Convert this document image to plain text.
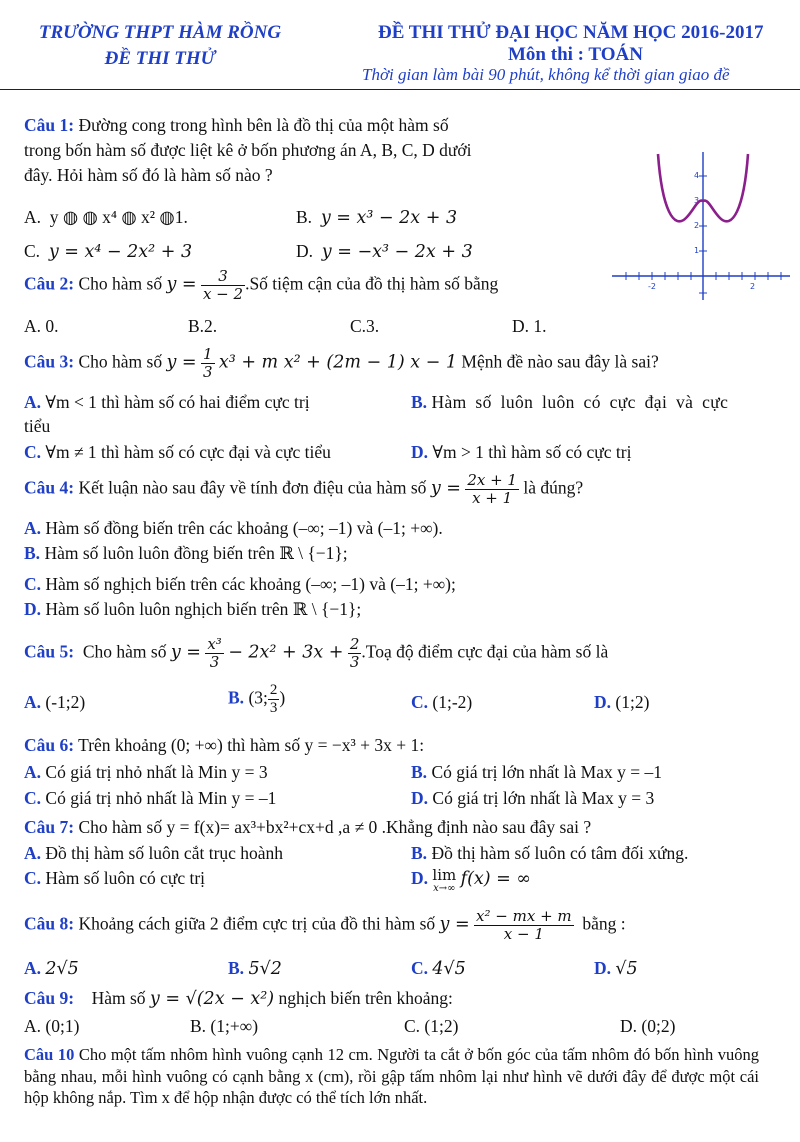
TRƯỜNG THPT HÀM RỒNG
ĐỀ THI THỬ
ĐỀ THI THỬ ĐẠI HỌC NĂM HỌC 2016-2017
Môn thi : TOÁN
Thời gian làm bài 90 phút, không kể thời gian giao đề
-2	2
4
3
2
1
Câu 1: Đường cong trong hình bên là đồ thị của một hàm số
trong bốn hàm số được liệt kê ở bốn phương án A, B, C, D dưới
đây. Hỏi hàm số đó là hàm số nào ?
A. y ◍ ◍ x⁴ ◍ x² ◍1.	B. y = x³ − 2x + 3
C. y = x⁴ − 2x² + 3	D. y = −x³ − 2x + 3
Câu 2: Cho hàm số $y = \frac{3}{x - 2}$ .Số tiệm cận của đồ thị hàm số bằng
A. 0.	B.2.	C.3.	D. 1.
Câu 3: Cho hàm số $y = \frac{1}{3} x^3 + m$ x² + (2m − 1) x − 1 Mệnh đề nào sau đây là sai?
A. ∀m < 1 thì hàm số có hai điểm cực trị	B. Hàm số luôn luôn có cực đại và cực
tiểu
C. ∀m ≠ 1 thì hàm số có cực đại và cực tiểu	D. ∀m > 1 thì hàm số có cực trị
Câu 4: Kết luận nào sau đây về tính đơn điệu của hàm số $y = \frac{2x + 1}{x + 1}$ là đúng?
A. Hàm số đồng biến trên các khoảng (–∞; –1) và (–1; +∞).
B. Hàm số luôn luôn đồng biến trên ℝ \ {−1};
C. Hàm số nghịch biến trên các khoảng (–∞; –1) và (–1; +∞);
D. Hàm số luôn luôn nghịch biến trên ℝ \ {−1};
Câu 5: Cho hàm số $y = \frac{\text{x³}}{3} - 2x^2 + 3x + \frac{2}{3}$ .Toạ độ điểm cực đại của hàm số là
A. (-1;2)	B. (3; $\frac{2}{3}$ )	C. (1;-2)	D. (1;2)
Câu 6: Trên khoảng (0; +∞) thì hàm số y = −x³ + 3x + 1:
A. Có giá trị nhỏ nhất là Min y = 3	B. Có giá trị lớn nhất là Max y = –1
C. Có giá trị nhỏ nhất là Min y = –1	D. Có giá trị lớn nhất là Max y = 3
Câu 7: Cho hàm số y = f(x)= ax³+bx²+cx+d ,a ≠ 0 .Khẳng định nào sau đây sai ?
A. Đồ thị hàm số luôn cắt trục hoành	B. Đồ thị hàm số luôn có tâm đối xứng.
C. Hàm số luôn có cực trị	D. lim
x→∞ f(x) = ∞
Câu 8: Khoảng cách giữa 2 điểm cực trị của đồ thi hàm số $y = \frac{\text{x² − mx + m}}{x - 1}$ bằng :
A. 2√5	B. 5√2	C. 4√5	D. √5
Câu 9: Hàm số y = √(2x − x²) nghịch biến trên khoảng:
A. (0;1)	B. (1;+∞)	C. (1;2)	D. (0;2)
Câu 10 Cho một tấm nhôm hình vuông cạnh 12 cm. Người ta cắt ở bốn góc của tấm nhôm đó bốn hình vuông bằng nhau, mỗi hình vuông có cạnh bằng x (cm), rồi gập tấm nhôm lại như hình vẽ dưới đây để được một cái hộp không nắp. Tìm x để hộp nhận được có thể tích lớn nhất.
